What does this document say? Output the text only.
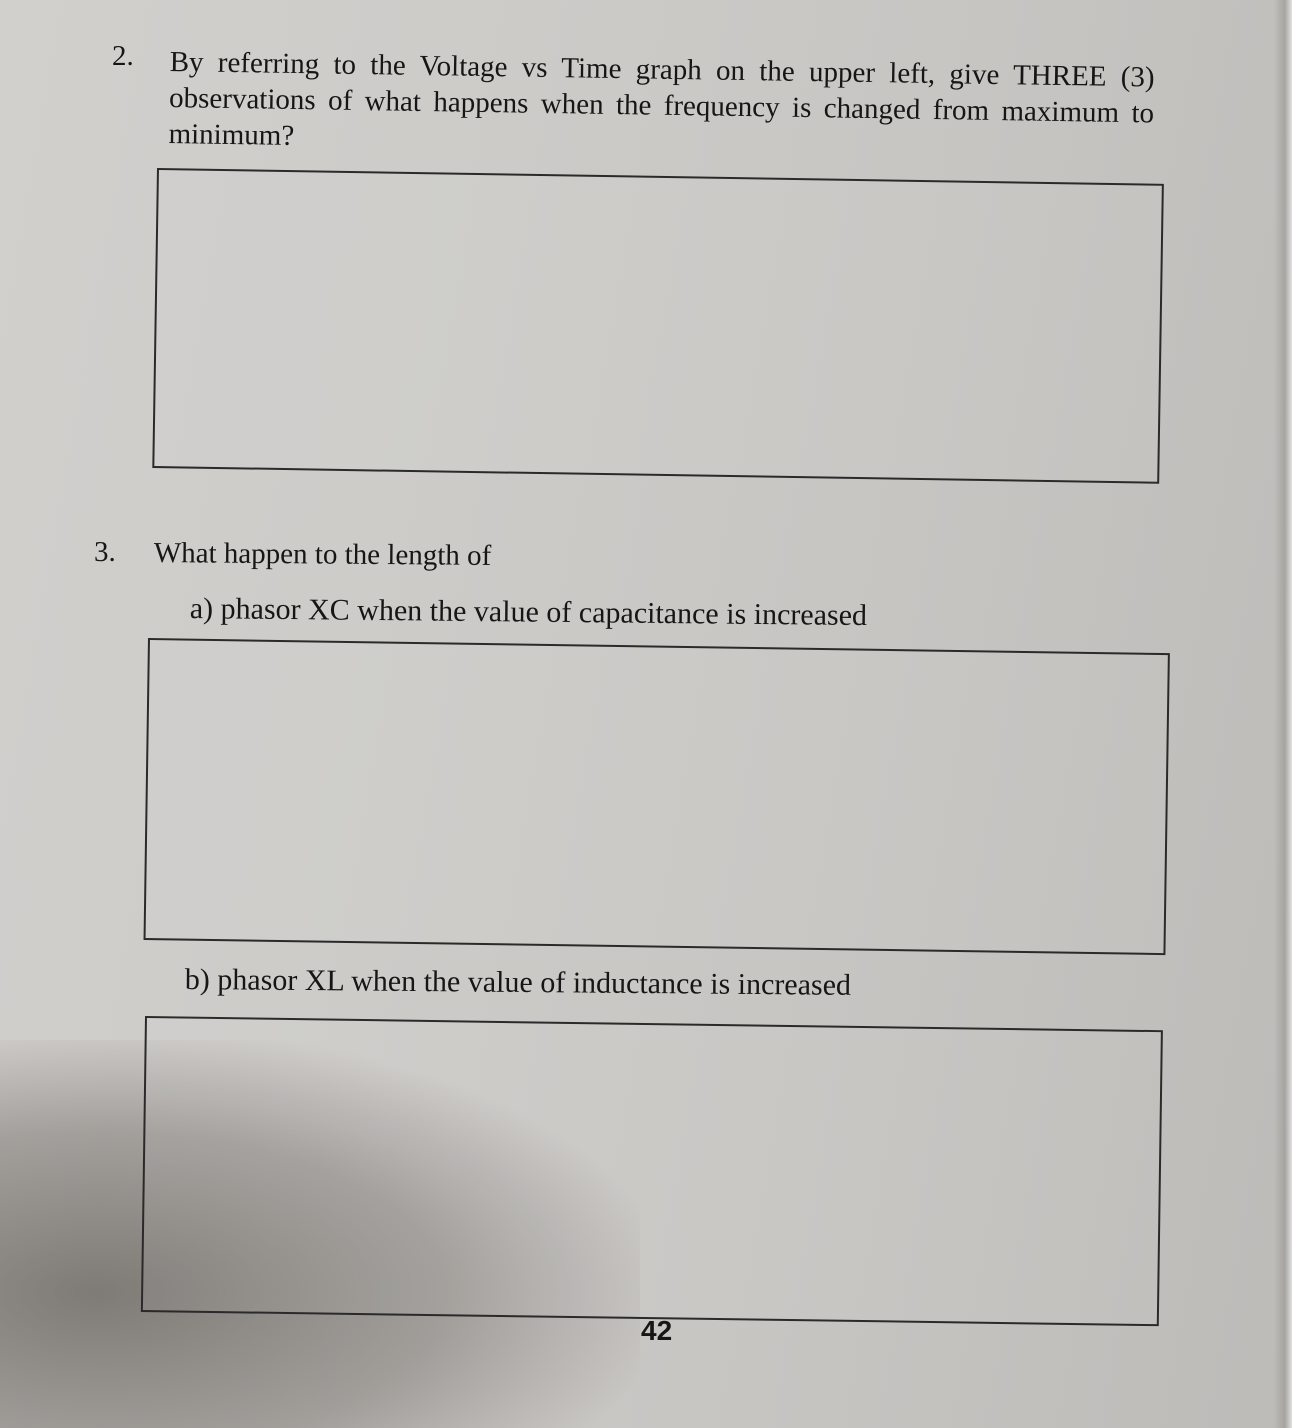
2. By referring to the Voltage vs Time graph on the upper left, give THREE (3) observations of what happens when the frequency is changed from maximum to minimum?
3. What happen to the length of
a) phasor XC when the value of capacitance is increased
b) phasor XL when the value of inductance is increased
42
